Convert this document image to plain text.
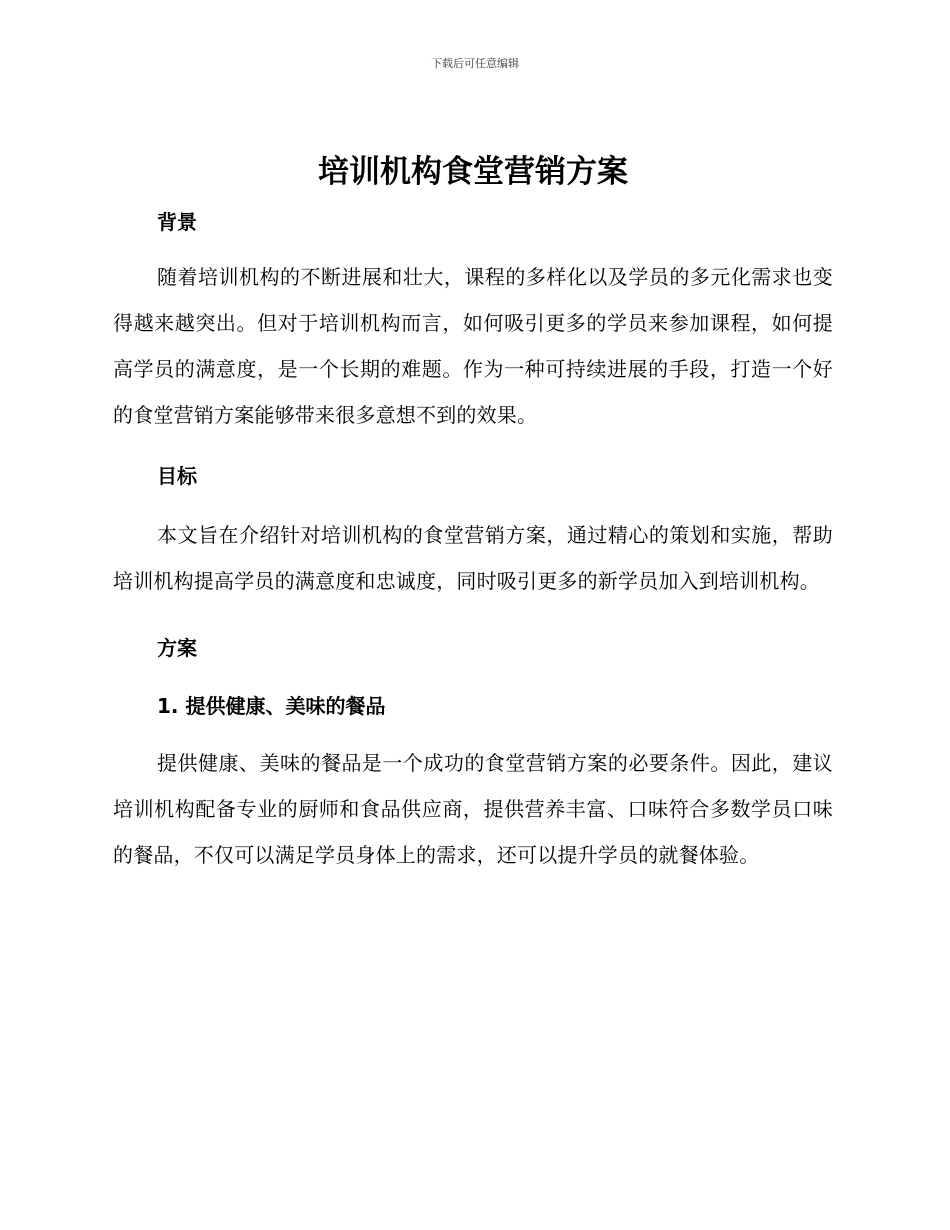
下载后可任意编辑
培训机构食堂营销方案
背景

随着培训机构的不断进展和壮大，课程的多样化以及学员的多元化需求也变得越来越突出。但对于培训机构而言，如何吸引更多的学员来参加课程，如何提高学员的满意度，是一个长期的难题。作为一种可持续进展的手段，打造一个好的食堂营销方案能够带来很多意想不到的效果。

目标

本文旨在介绍针对培训机构的食堂营销方案，通过精心的策划和实施，帮助培训机构提高学员的满意度和忠诚度，同时吸引更多的新学员加入到培训机构。

方案
1. 提供健康、美味的餐品

提供健康、美味的餐品是一个成功的食堂营销方案的必要条件。因此，建议培训机构配备专业的厨师和食品供应商，提供营养丰富、口味符合多数学员口味的餐品，不仅可以满足学员身体上的需求，还可以提升学员的就餐体验。
